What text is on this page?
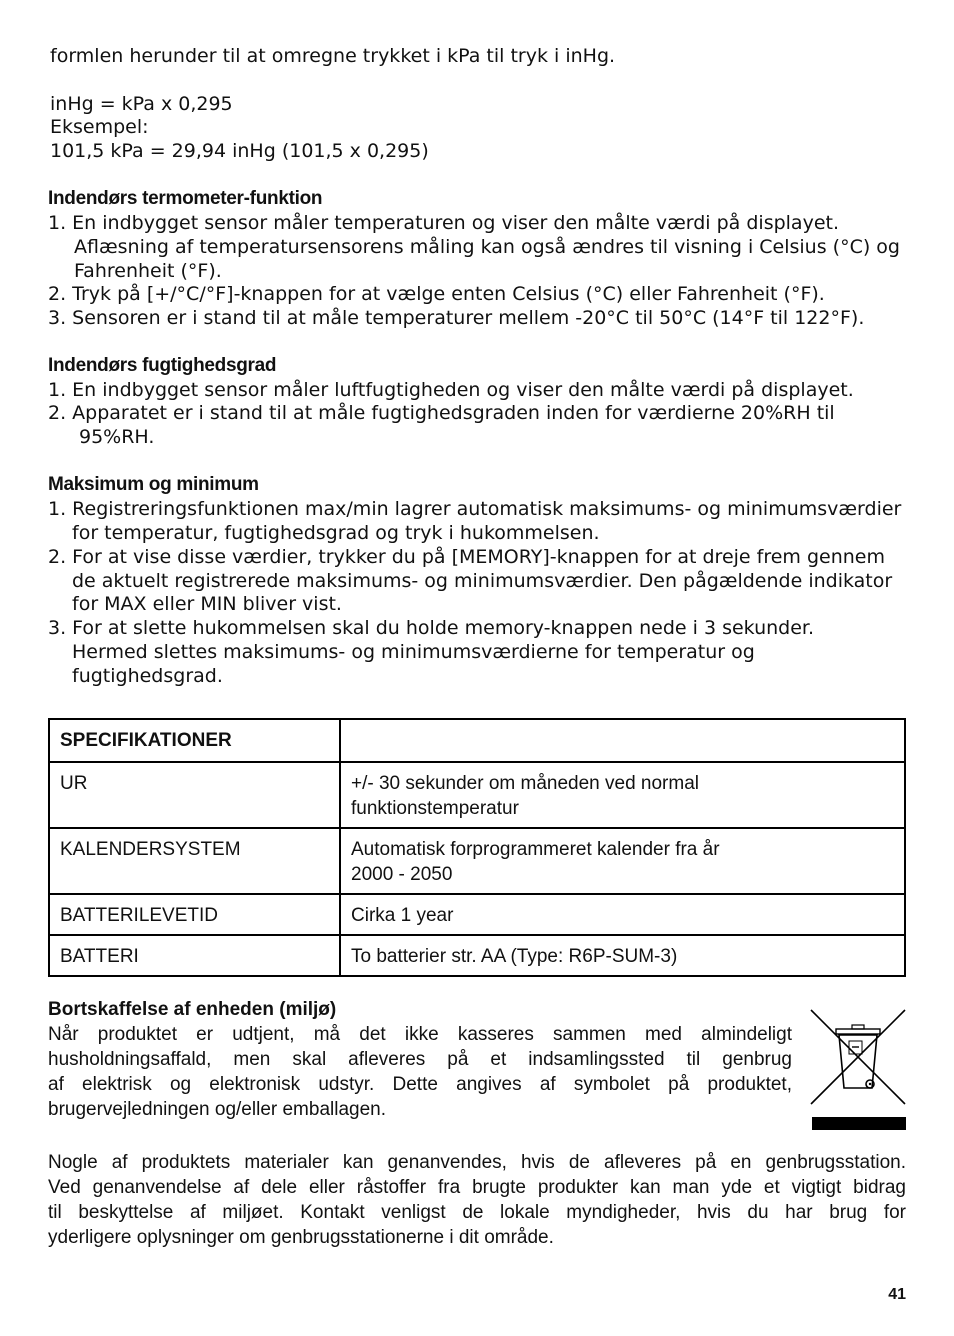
formlen herunder til at omregne trykket i kPa til tryk i inHg.
inHg = kPa x 0,295
Eksempel:
101,5 kPa = 29,94 inHg (101,5 x 0,295)
Indendørs termometer-funktion
1. En indbygget sensor måler temperaturen og viser den målte værdi på displayet.
Aflæsning af temperatursensorens måling kan også ændres til visning i Celsius (°C) og
Fahrenheit (°F).
2. Tryk på [+/°C/°F]-knappen for at vælge enten Celsius (°C) eller Fahrenheit (°F).
3. Sensoren er i stand til at måle temperaturer mellem -20°C til 50°C (14°F til 122°F).
Indendørs fugtighedsgrad
1. En indbygget sensor måler luftfugtigheden og viser den målte værdi på displayet.
2. Apparatet er i stand til at måle fugtighedsgraden inden for værdierne 20%RH til
95%RH.
Maksimum og minimum
1. Registreringsfunktionen max/min lagrer automatisk maksimums- og minimumsværdier
for temperatur, fugtighedsgrad og tryk i hukommelsen.
2. For at vise disse værdier, trykker du på [MEMORY]-knappen for at dreje frem gennem
de aktuelt registrerede maksimums- og minimumsværdier. Den pågældende indikator
for MAX eller MIN bliver vist.
3. For at slette hukommelsen skal du holde memory-knappen nede i 3 sekunder.
Hermed slettes maksimums- og minimumsværdierne for temperatur og
fugtighedsgrad.
SPECIFIKATIONER	
UR	+/- 30 sekunder om måneden ved normal
funktionstemperatur

KALENDERSYSTEM	Automatisk forprogrammeret kalender fra år
2000 - 2050

BATTERILEVETID	Cirka 1 year

BATTERI	To batterier str. AA (Type: R6P-SUM-3)
Bortskaffelse af enheden (miljø)
Når produktet er udtjent, må det ikke kasseres sammen med almindeligt
husholdningsaffald, men skal afleveres på et indsamlingssted til genbrug
af elektrisk og elektronisk udstyr. Dette angives af symbolet på produktet,
brugervejledningen og/eller emballagen.
Nogle af produktets materialer kan genanvendes, hvis de afleveres på en genbrugsstation.
Ved genanvendelse af dele eller råstoffer fra brugte produkter kan man yde et vigtigt bidrag
til beskyttelse af miljøet. Kontakt venligst de lokale myndigheder, hvis du har brug for
yderligere oplysninger om genbrugsstationerne i dit område.
41
